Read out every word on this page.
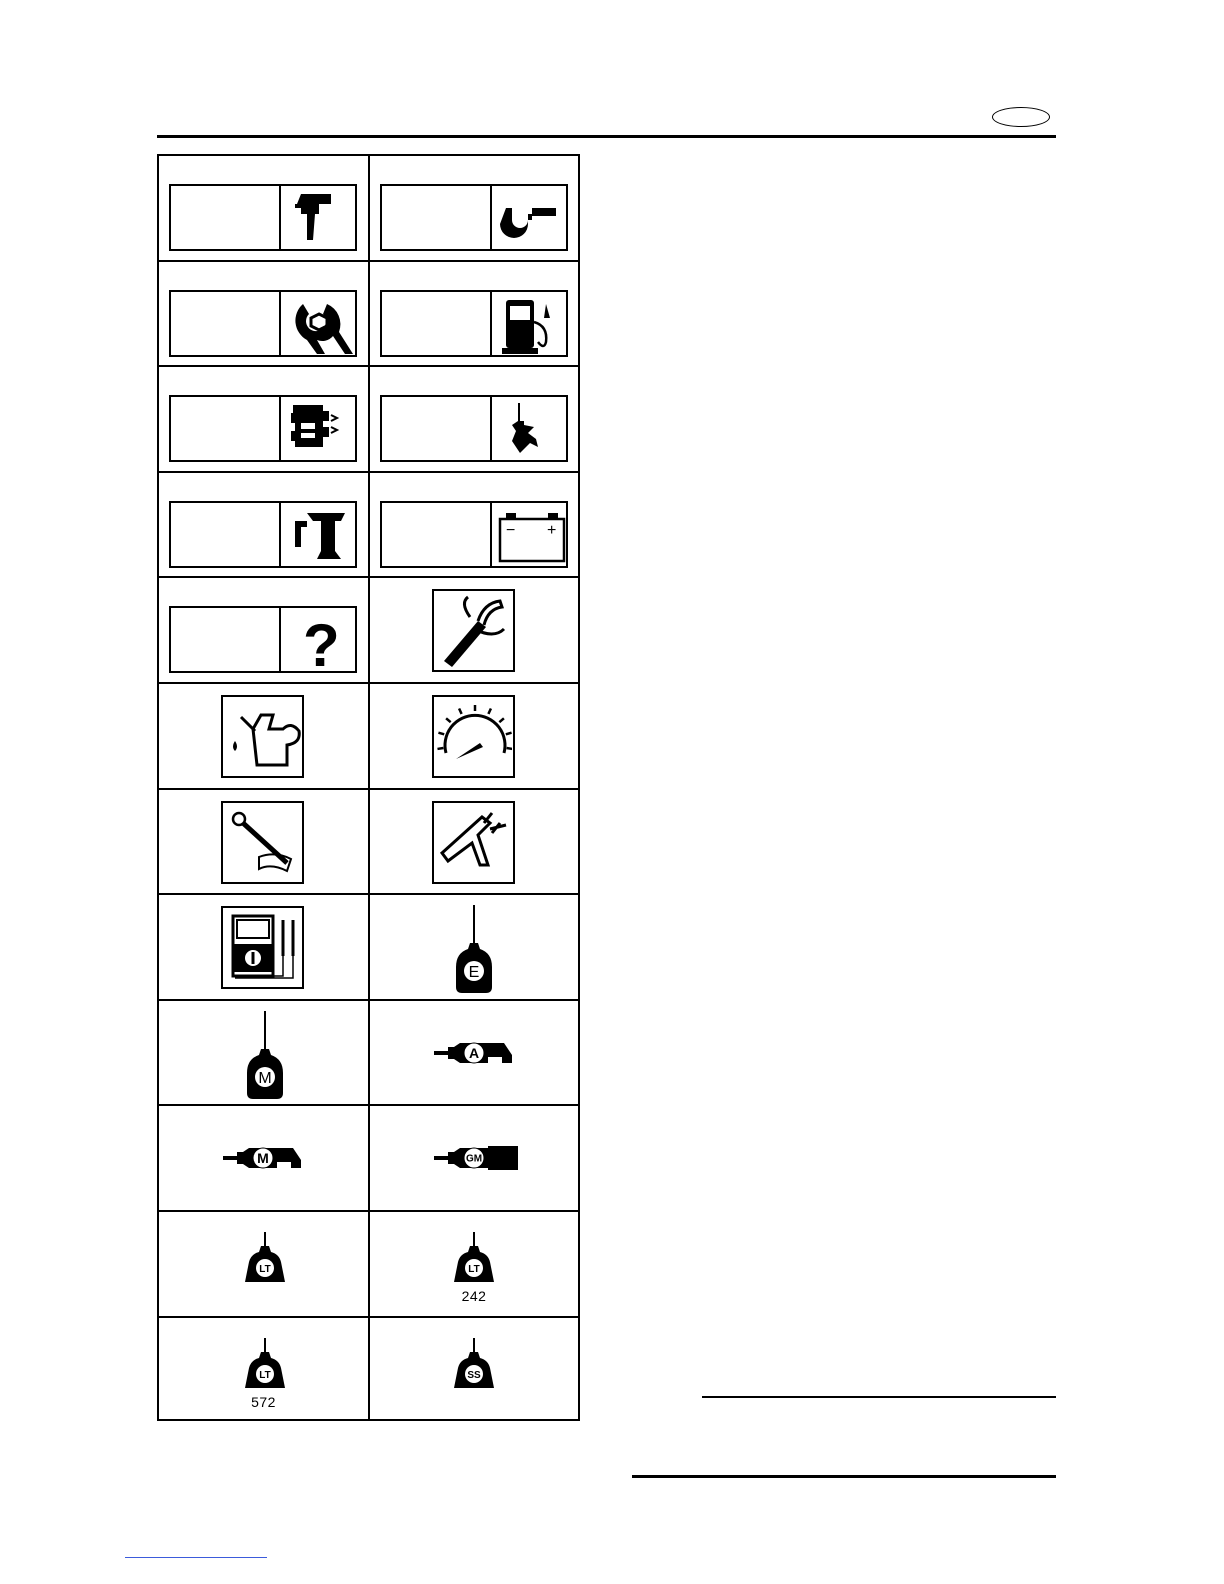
− +
?
E
M
A
M	GM
LT	LT
242
LT
572
SS
